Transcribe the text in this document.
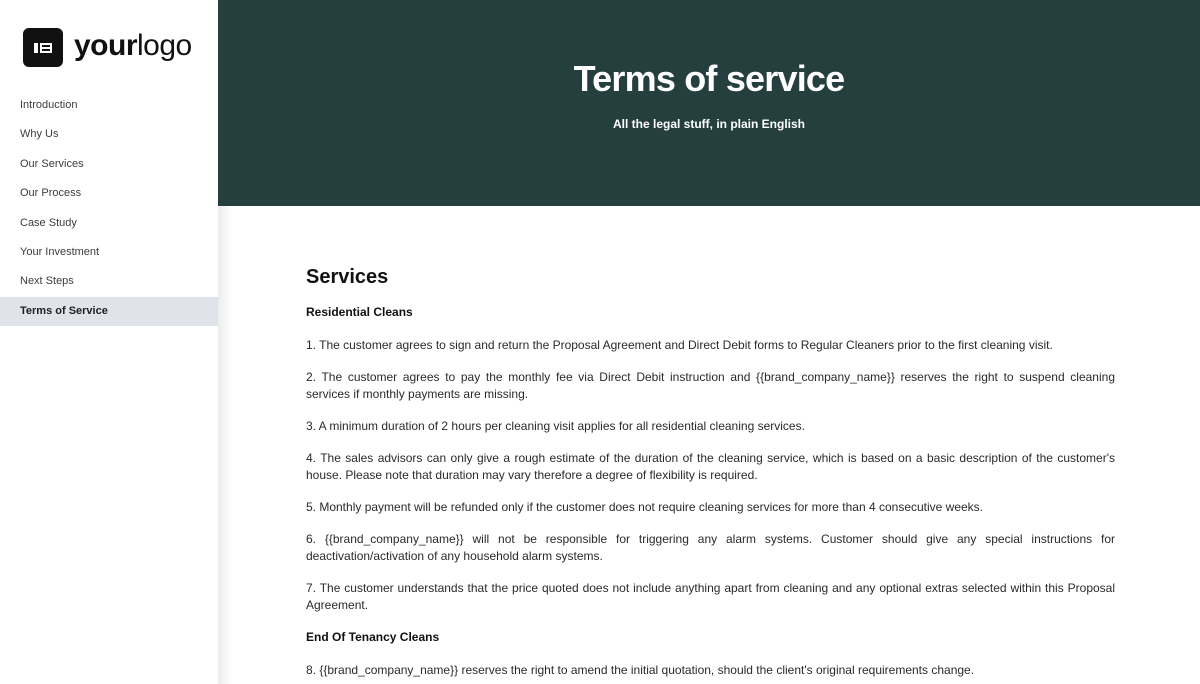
yourlogo
Introduction
Why Us
Our Services
Our Process
Case Study
Your Investment
Next Steps
Terms of Service
Terms of service

All the legal stuff, in plain English

Services
Residential Cleans

1. The customer agrees to sign and return the Proposal Agreement and Direct Debit forms to Regular Cleaners prior to the first cleaning visit.

2. The customer agrees to pay the monthly fee via Direct Debit instruction and {{brand_company_name}} reserves the right to suspend cleaning services if monthly payments are missing.

3. A minimum duration of 2 hours per cleaning visit applies for all residential cleaning services.

4. The sales advisors can only give a rough estimate of the duration of the cleaning service, which is based on a basic description of the customer's house. Please note that duration may vary therefore a degree of flexibility is required.

5. Monthly payment will be refunded only if the customer does not require cleaning services for more than 4 consecutive weeks.

6. {{brand_company_name}} will not be responsible for triggering any alarm systems. Customer should give any special instructions for deactivation/activation of any household alarm systems.

7. The customer understands that the price quoted does not include anything apart from cleaning and any optional extras selected within this Proposal Agreement.

End Of Tenancy Cleans

8. {{brand_company_name}} reserves the right to amend the initial quotation, should the client's original requirements change.
